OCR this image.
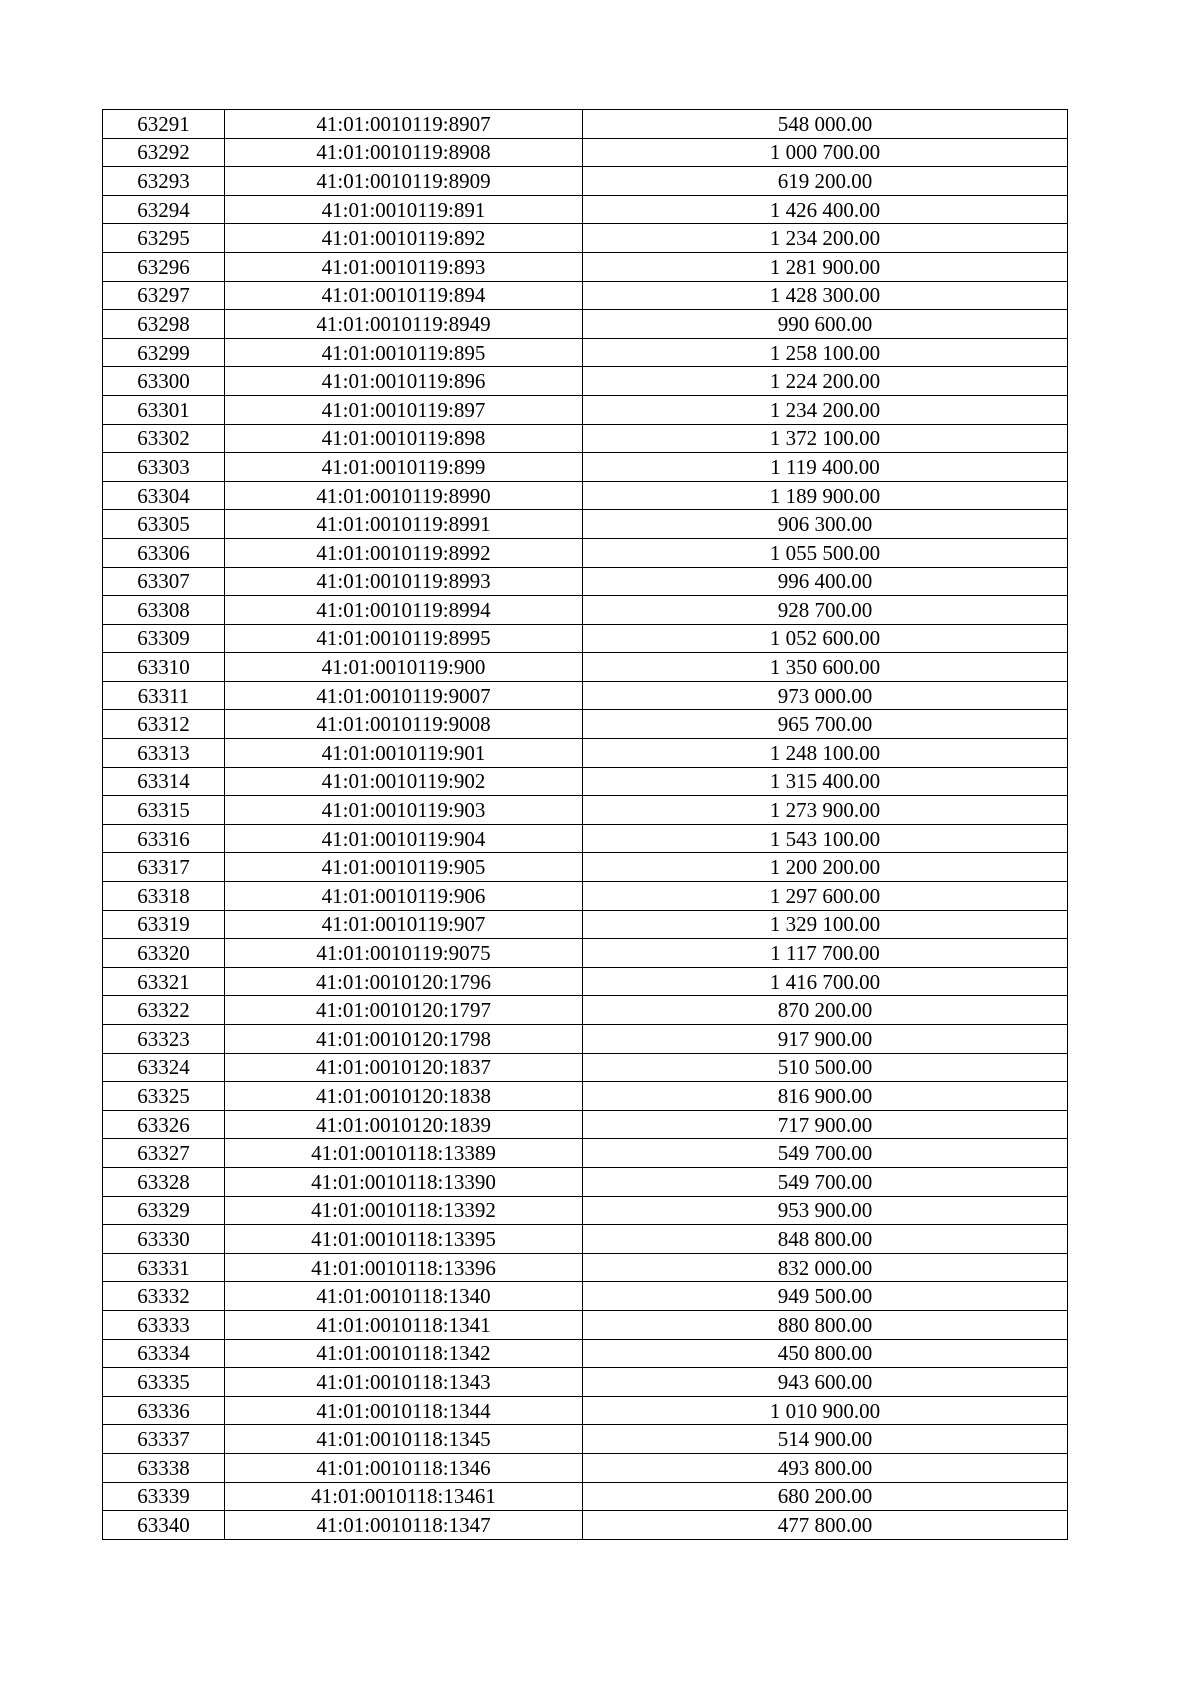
63291	41:01:0010119:8907	548 000.00
63292	41:01:0010119:8908	1 000 700.00
63293	41:01:0010119:8909	619 200.00
63294	41:01:0010119:891	1 426 400.00
63295	41:01:0010119:892	1 234 200.00
63296	41:01:0010119:893	1 281 900.00
63297	41:01:0010119:894	1 428 300.00
63298	41:01:0010119:8949	990 600.00
63299	41:01:0010119:895	1 258 100.00
63300	41:01:0010119:896	1 224 200.00
63301	41:01:0010119:897	1 234 200.00
63302	41:01:0010119:898	1 372 100.00
63303	41:01:0010119:899	1 119 400.00
63304	41:01:0010119:8990	1 189 900.00
63305	41:01:0010119:8991	906 300.00
63306	41:01:0010119:8992	1 055 500.00
63307	41:01:0010119:8993	996 400.00
63308	41:01:0010119:8994	928 700.00
63309	41:01:0010119:8995	1 052 600.00
63310	41:01:0010119:900	1 350 600.00
63311	41:01:0010119:9007	973 000.00
63312	41:01:0010119:9008	965 700.00
63313	41:01:0010119:901	1 248 100.00
63314	41:01:0010119:902	1 315 400.00
63315	41:01:0010119:903	1 273 900.00
63316	41:01:0010119:904	1 543 100.00
63317	41:01:0010119:905	1 200 200.00
63318	41:01:0010119:906	1 297 600.00
63319	41:01:0010119:907	1 329 100.00
63320	41:01:0010119:9075	1 117 700.00
63321	41:01:0010120:1796	1 416 700.00
63322	41:01:0010120:1797	870 200.00
63323	41:01:0010120:1798	917 900.00
63324	41:01:0010120:1837	510 500.00
63325	41:01:0010120:1838	816 900.00
63326	41:01:0010120:1839	717 900.00
63327	41:01:0010118:13389	549 700.00
63328	41:01:0010118:13390	549 700.00
63329	41:01:0010118:13392	953 900.00
63330	41:01:0010118:13395	848 800.00
63331	41:01:0010118:13396	832 000.00
63332	41:01:0010118:1340	949 500.00
63333	41:01:0010118:1341	880 800.00
63334	41:01:0010118:1342	450 800.00
63335	41:01:0010118:1343	943 600.00
63336	41:01:0010118:1344	1 010 900.00
63337	41:01:0010118:1345	514 900.00
63338	41:01:0010118:1346	493 800.00
63339	41:01:0010118:13461	680 200.00
63340	41:01:0010118:1347	477 800.00
